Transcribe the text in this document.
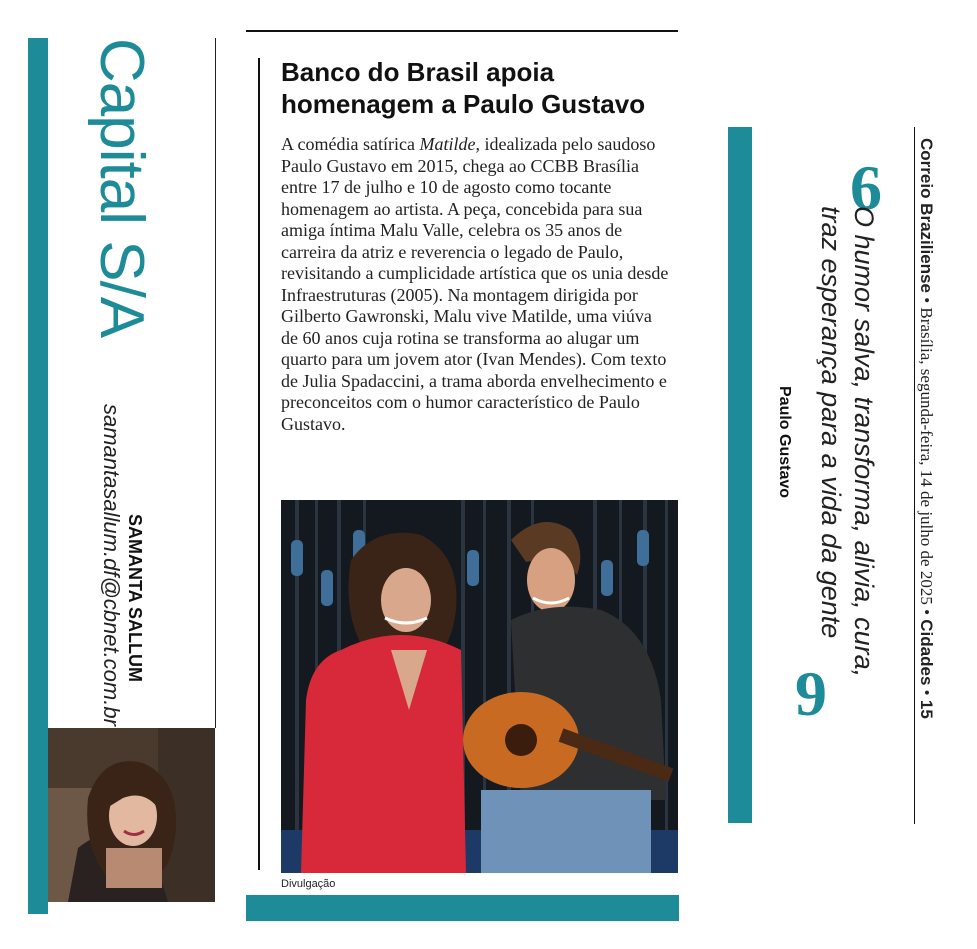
Capital S/A
samantasallum.df@cbnet.com.br SAMANTA SALLUM
Banco do Brasil apoia homenagem a Paulo Gustavo

A comédia satírica Matilde, idealizada pelo saudoso Paulo Gustavo em 2015, chega ao CCBB Brasília entre 17 de julho e 10 de agosto como tocante homenagem ao artista. A peça, concebida para sua amiga íntima Malu Valle, celebra os 35 anos de carreira da atriz e reverencia o legado de Paulo, revisitando a cumplicidade artística que os unia desde Infraestruturas (2005). Na montagem dirigida por Gilberto Gawronski, Malu vive Matilde, uma viúva de 60 anos cuja rotina se transforma ao alugar um quarto para um jovem ator (Ivan Mendes). Com texto de Julia Spadaccini, a trama aborda envelhecimento e preconceitos com o humor característico de Paulo Gustavo.

Divulgação
Correio Braziliense • Brasília, segunda-feira, 14 de julho de 2025 • Cidades • 15
6
O humor salva, transforma, alivia, cura,
traz esperança para a vida da gente
9
Paulo Gustavo
